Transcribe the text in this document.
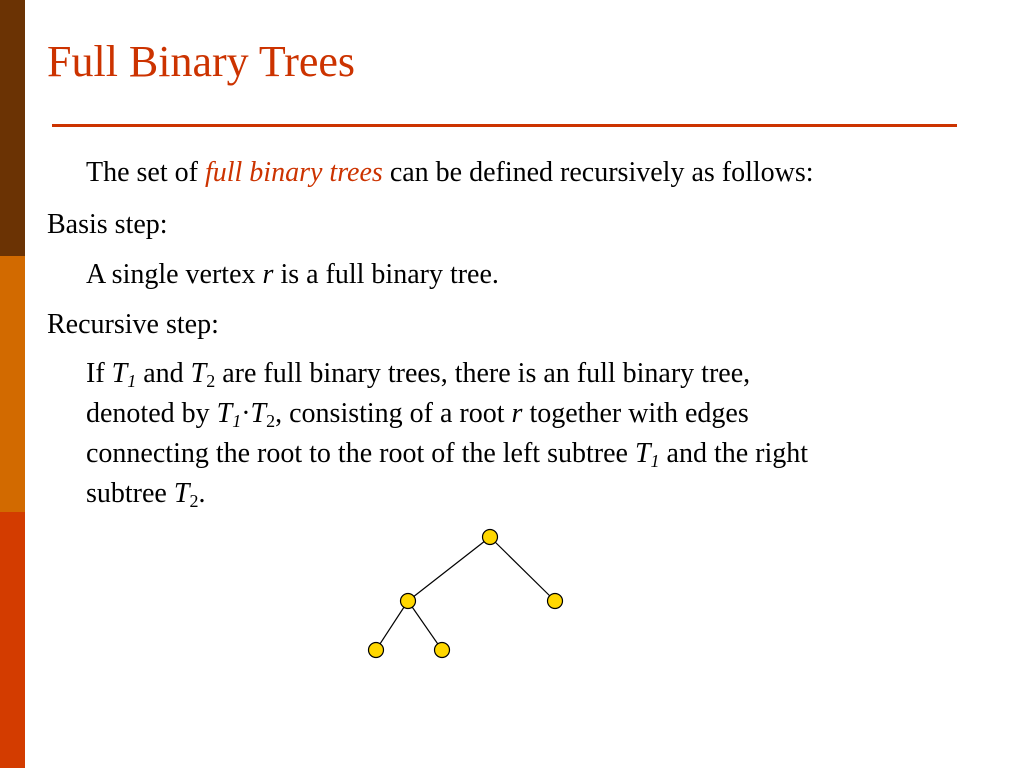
Full Binary Trees

The set of full binary trees can be defined recursively as follows:

Basis step:

A single vertex r is a full binary tree.

Recursive step:

If $T_1$ and $T_2$ are full binary trees, there is an full binary tree,
denoted by $T_1\cdot T_2$, consisting of a root r together with edges
connecting the root to the root of the left subtree $T_1$ and the right
subtree $T_2$.
